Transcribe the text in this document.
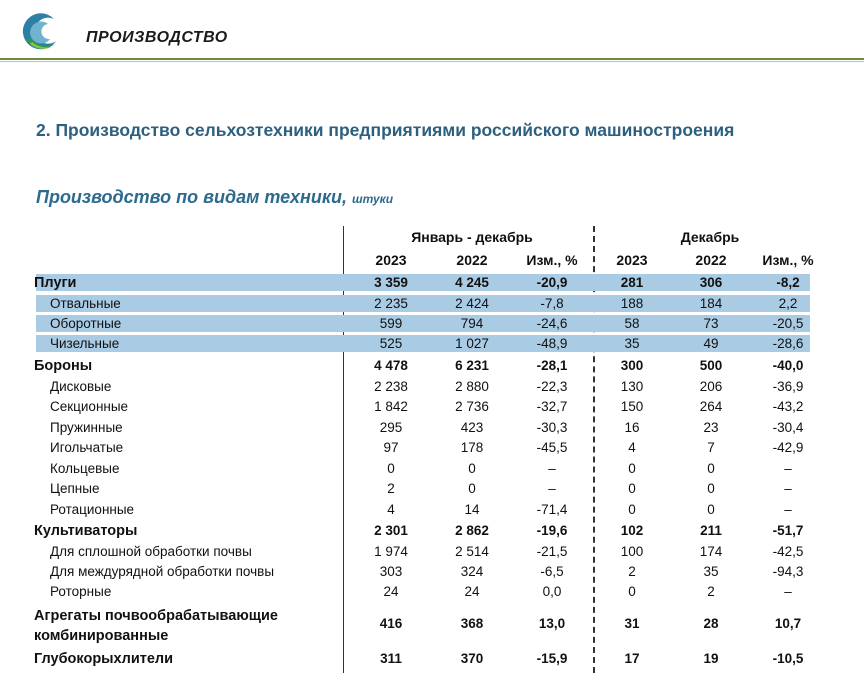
ПРОИЗВОДСТВО
2. Производство сельхозтехники предприятиями российского машиностроения
Производство по видам техники, штуки
Январь - декабрь	Декабрь
2023	2022	Изм., %	2023	2022	Изм., %
Плуги	3 359	4 245	-20,9	281	306	-8,2
Отвальные	2 235	2 424	-7,8	188	184	2,2
Оборотные	599	794	-24,6	58	73	-20,5
Чизельные	525	1 027	-48,9	35	49	-28,6
Бороны	4 478	6 231	-28,1	300	500	-40,0
Дисковые	2 238	2 880	-22,3	130	206	-36,9
Секционные	1 842	2 736	-32,7	150	264	-43,2
Пружинные	295	423	-30,3	16	23	-30,4
Игольчатые	97	178	-45,5	4	7	-42,9
Кольцевые	0	0	–	0	0	–
Цепные	2	0	–	0	0	–
Ротационные	4	14	-71,4	0	0	–
Культиваторы	2 301	2 862	-19,6	102	211	-51,7
Для сплошной обработки почвы	1 974	2 514	-21,5	100	174	-42,5
Для междурядной обработки почвы	303	324	-6,5	2	35	-94,3
Роторные	24	24	0,0	0	2	–
Агрегаты почвообрабатывающие
комбинированные
416	368	13,0	31	28	10,7
Глубокорыхлители	311	370	-15,9	17	19	-10,5
